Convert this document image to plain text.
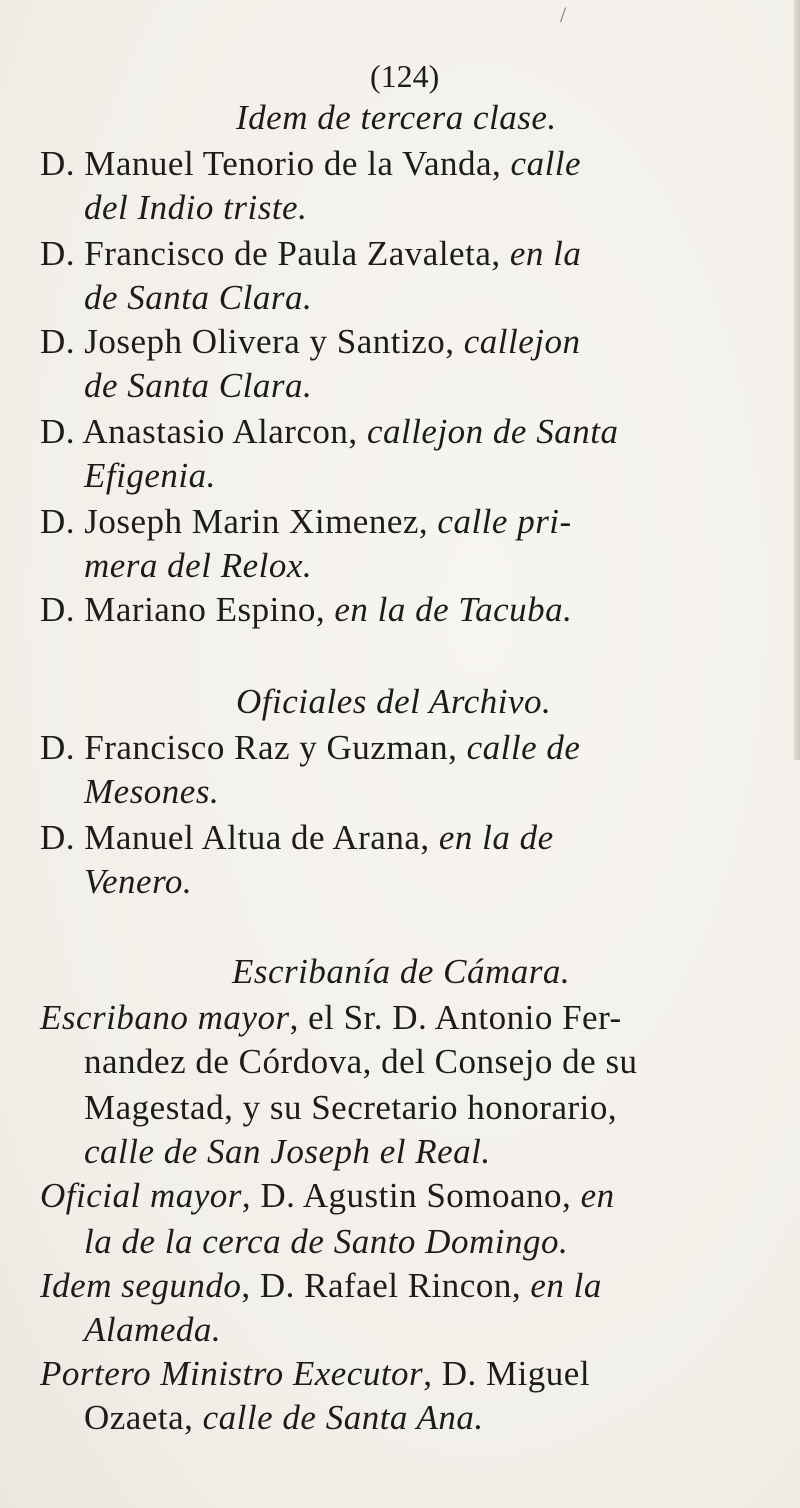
/
(124)
Idem de tercera clase.
D. Manuel Tenorio de la Vanda, calle
del Indio triste.
D. Francisco de Paula Zavaleta, en la
de Santa Clara.
D. Joseph Olivera y Santizo, callejon
de Santa Clara.
D. Anastasio Alarcon, callejon de Santa
Efigenia.
D. Joseph Marin Ximenez, calle pri-
mera del Relox.
D. Mariano Espino, en la de Tacuba.
Oficiales del Archivo.
D. Francisco Raz y Guzman, calle de
Mesones.
D. Manuel Altua de Arana, en la de
Venero.
Escribanía de Cámara.
Escribano mayor, el Sr. D. Antonio Fer-
nandez de Córdova, del Consejo de su
Magestad, y su Secretario honorario,
calle de San Joseph el Real.
Oficial mayor, D. Agustin Somoano, en
la de la cerca de Santo Domingo.
Idem segundo, D. Rafael Rincon, en la
Alameda.
Portero Ministro Executor, D. Miguel
Ozaeta, calle de Santa Ana.
